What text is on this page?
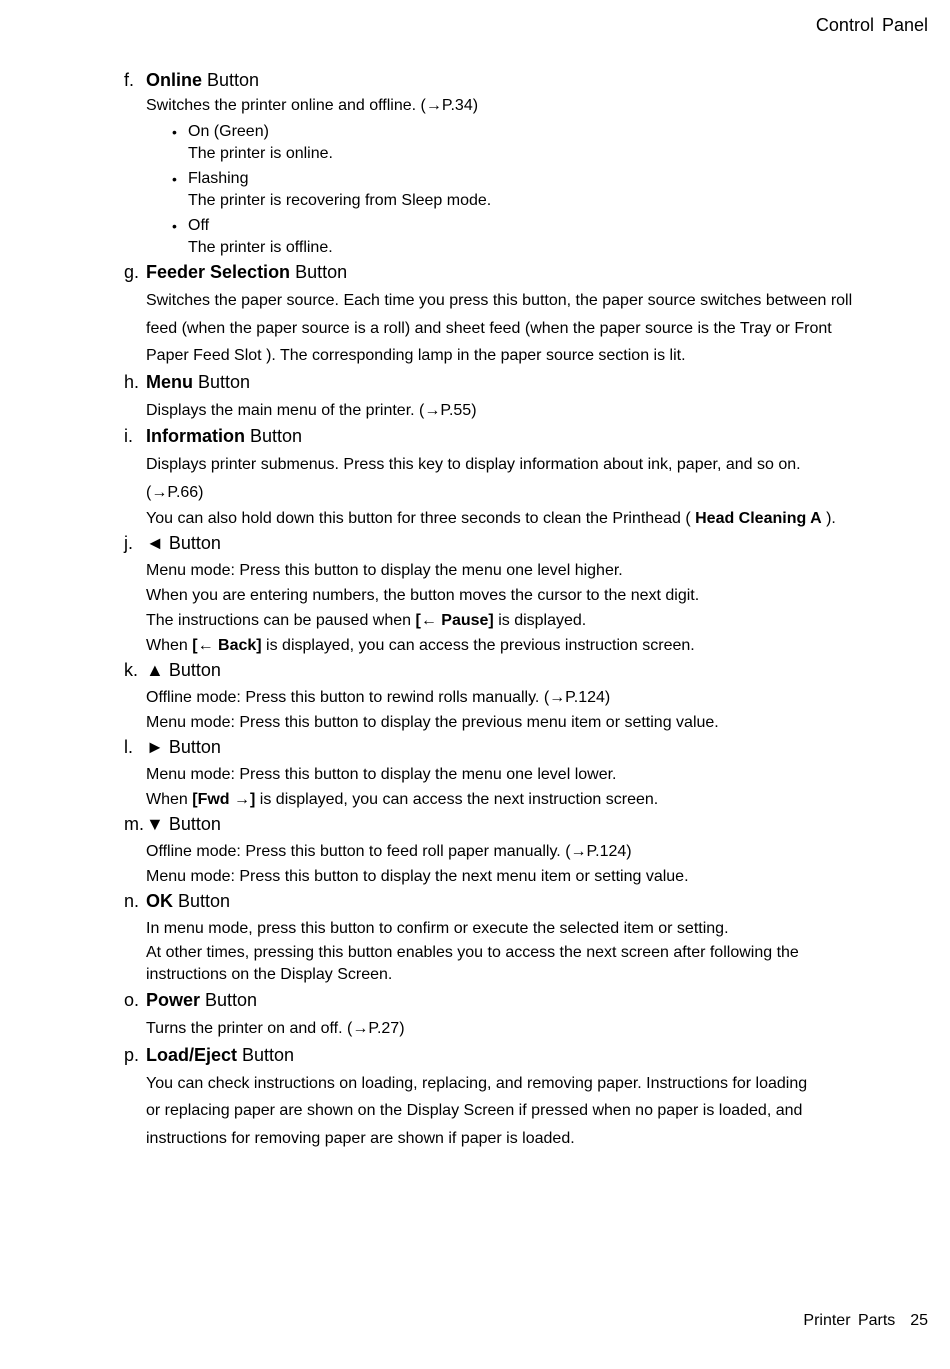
Control Panel
f. Online Button

Switches the printer online and offline. (→P.34)

• On (Green)
The printer is online.
• Flashing
The printer is recovering from Sleep mode.
• Off
The printer is offline.
g. Feeder Selection Button

Switches the paper source. Each time you press this button, the paper source switches between roll

feed (when the paper source is a roll) and sheet feed (when the paper source is the Tray or Front

Paper Feed Slot ). The corresponding lamp in the paper source section is lit.

h. Menu Button

Displays the main menu of the printer. (→P.55)

i. Information Button

Displays printer submenus. Press this key to display information about ink, paper, and so on.

(→P.66)

You can also hold down this button for three seconds to clean the Printhead ( Head Cleaning A ).

j. ◄ Button

Menu mode: Press this button to display the menu one level higher.

When you are entering numbers, the button moves the cursor to the next digit.

The instructions can be paused when [← Pause] is displayed.

When [← Back] is displayed, you can access the previous instruction screen.

k. ▲ Button

Offline mode: Press this button to rewind rolls manually. (→P.124)

Menu mode: Press this button to display the previous menu item or setting value.

l. ► Button

Menu mode: Press this button to display the menu one level lower.

When [Fwd →] is displayed, you can access the next instruction screen.

m. ▼ Button

Offline mode: Press this button to feed roll paper manually. (→P.124)

Menu mode: Press this button to display the next menu item or setting value.

n. OK Button

In menu mode, press this button to confirm or execute the selected item or setting.

At other times, pressing this button enables you to access the next screen after following the

instructions on the Display Screen.

o. Power Button

Turns the printer on and off. (→P.27)

p. Load/Eject Button

You can check instructions on loading, replacing, and removing paper. Instructions for loading

or replacing paper are shown on the Display Screen if pressed when no paper is loaded, and

instructions for removing paper are shown if paper is loaded.

Printer Parts 25
